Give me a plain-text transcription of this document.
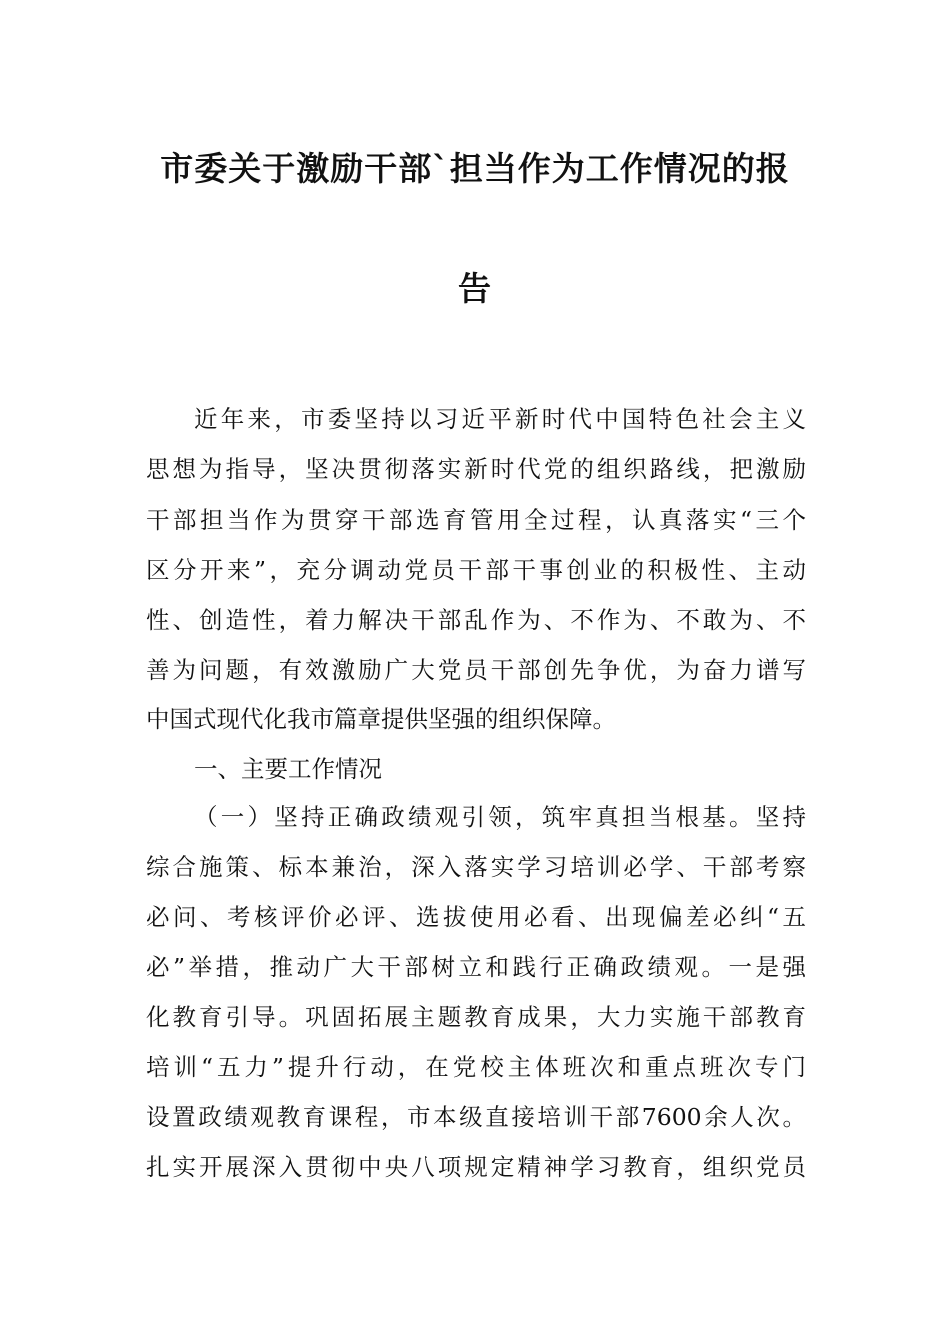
市委关于激励干部`担当作为工作情况的报
告
近年来，市委坚持以习近平新时代中国特色社会主义
思想为指导，坚决贯彻落实新时代党的组织路线，把激励
干部担当作为贯穿干部选育管用全过程，认真落实“三个
区分开来”，充分调动党员干部干事创业的积极性、主动
性、创造性，着力解决干部乱作为、不作为、不敢为、不
善为问题，有效激励广大党员干部创先争优，为奋力谱写
中国式现代化我市篇章提供坚强的组织保障。
一、主要工作情况
（一）坚持正确政绩观引领，筑牢真担当根基。坚持
综合施策、标本兼治，深入落实学习培训必学、干部考察
必问、考核评价必评、选拔使用必看、出现偏差必纠“五
必”举措，推动广大干部树立和践行正确政绩观。一是强
化教育引导。巩固拓展主题教育成果，大力实施干部教育
培训“五力”提升行动，在党校主体班次和重点班次专门
设置政绩观教育课程，市本级直接培训干部7600余人次。
扎实开展深入贯彻中央八项规定精神学习教育，组织党员
